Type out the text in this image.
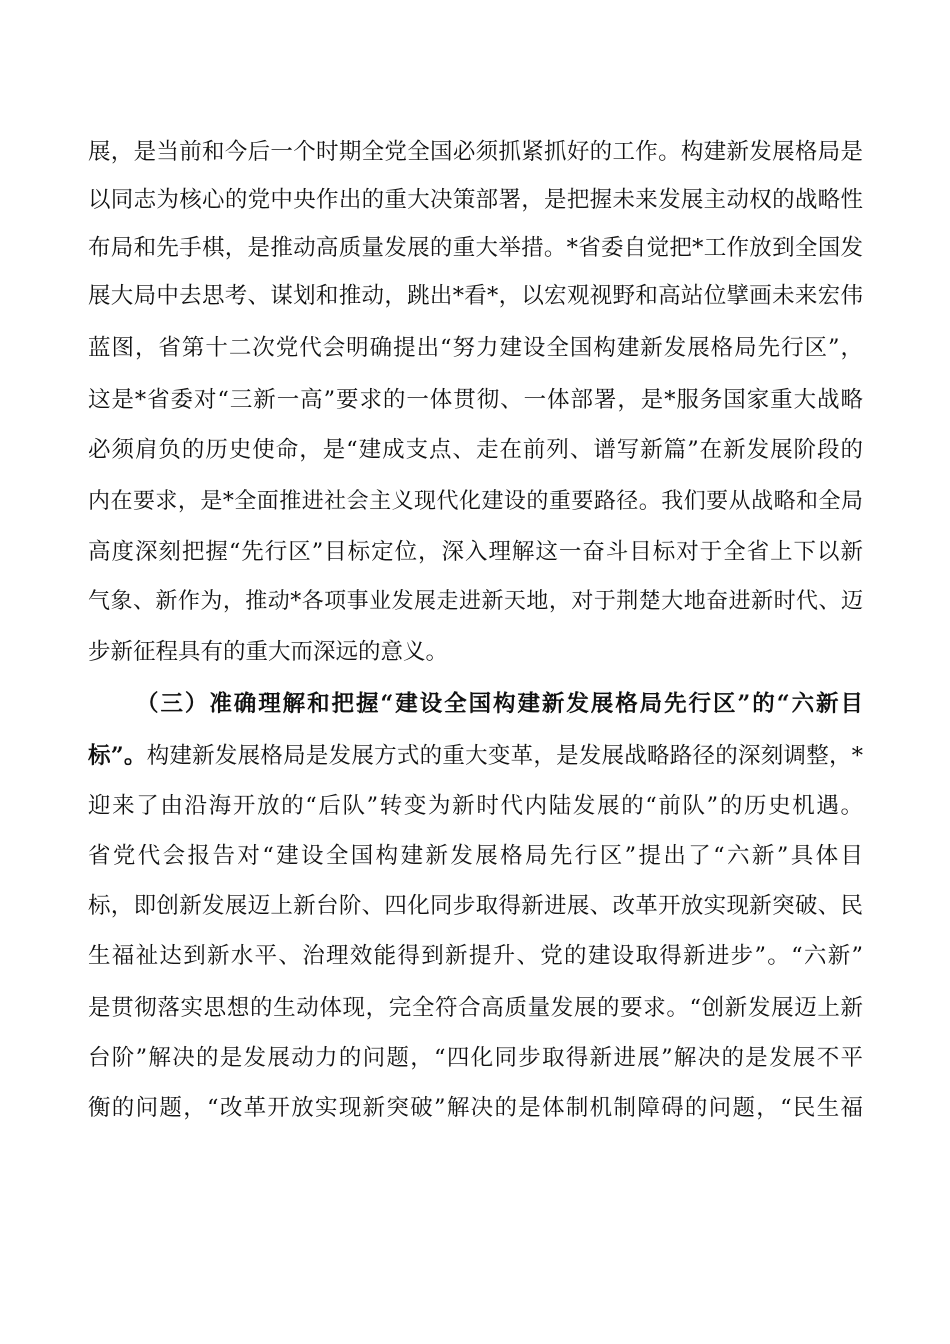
展，是当前和今后一个时期全党全国必须抓紧抓好的工作。构建新发展格局是
以同志为核心的党中央作出的重大决策部署，是把握未来发展主动权的战略性
布局和先手棋，是推动高质量发展的重大举措。*省委自觉把*工作放到全国发
展大局中去思考、谋划和推动，跳出*看*，以宏观视野和高站位擘画未来宏伟
蓝图，省第十二次党代会明确提出“努力建设全国构建新发展格局先行区”，
这是*省委对“三新一高”要求的一体贯彻、一体部署，是*服务国家重大战略
必须肩负的历史使命，是“建成支点、走在前列、谱写新篇”在新发展阶段的
内在要求，是*全面推进社会主义现代化建设的重要路径。我们要从战略和全局
高度深刻把握“先行区”目标定位，深入理解这一奋斗目标对于全省上下以新
气象、新作为，推动*各项事业发展走进新天地，对于荆楚大地奋进新时代、迈
步新征程具有的重大而深远的意义。
（三）准确理解和把握“建设全国构建新发展格局先行区”的“六新目
标”。构建新发展格局是发展方式的重大变革，是发展战略路径的深刻调整，*
迎来了由沿海开放的“后队”转变为新时代内陆发展的“前队”的历史机遇。
省党代会报告对“建设全国构建新发展格局先行区”提出了“六新”具体目
标，即创新发展迈上新台阶、四化同步取得新进展、改革开放实现新突破、民
生福祉达到新水平、治理效能得到新提升、党的建设取得新进步”。“六新”
是贯彻落实思想的生动体现，完全符合高质量发展的要求。“创新发展迈上新
台阶”解决的是发展动力的问题，“四化同步取得新进展”解决的是发展不平
衡的问题，“改革开放实现新突破”解决的是体制机制障碍的问题，“民生福
